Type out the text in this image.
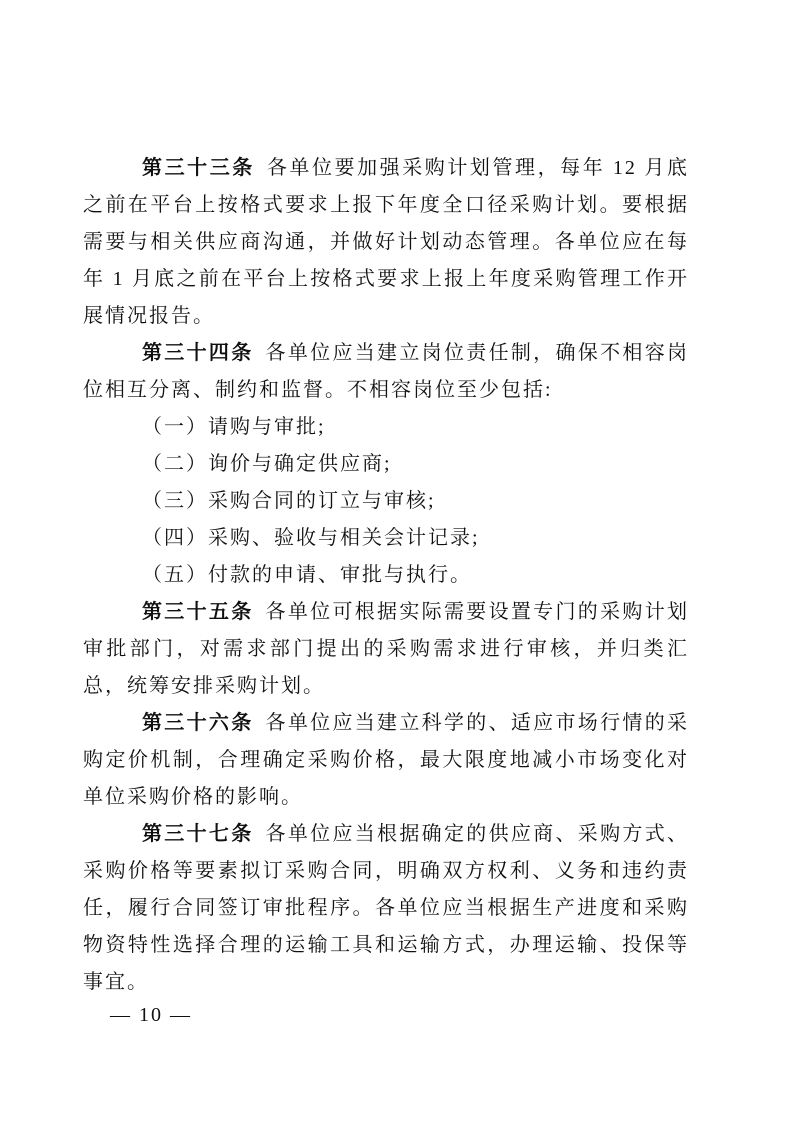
第三十三条 各单位要加强采购计划管理，每年 12 月底之前在平台上按格式要求上报下年度全口径采购计划。要根据需要与相关供应商沟通，并做好计划动态管理。各单位应在每年 1 月底之前在平台上按格式要求上报上年度采购管理工作开展情况报告。

第三十四条 各单位应当建立岗位责任制，确保不相容岗位相互分离、制约和监督。不相容岗位至少包括:

（一）请购与审批;

（二）询价与确定供应商;

（三）采购合同的订立与审核;

（四）采购、验收与相关会计记录;

（五）付款的申请、审批与执行。

第三十五条 各单位可根据实际需要设置专门的采购计划审批部门，对需求部门提出的采购需求进行审核，并归类汇总，统筹安排采购计划。

第三十六条 各单位应当建立科学的、适应市场行情的采购定价机制，合理确定采购价格，最大限度地减小市场变化对单位采购价格的影响。

第三十七条 各单位应当根据确定的供应商、采购方式、采购价格等要素拟订采购合同，明确双方权利、义务和违约责任，履行合同签订审批程序。各单位应当根据生产进度和采购物资特性选择合理的运输工具和运输方式，办理运输、投保等事宜。

— 10 —
